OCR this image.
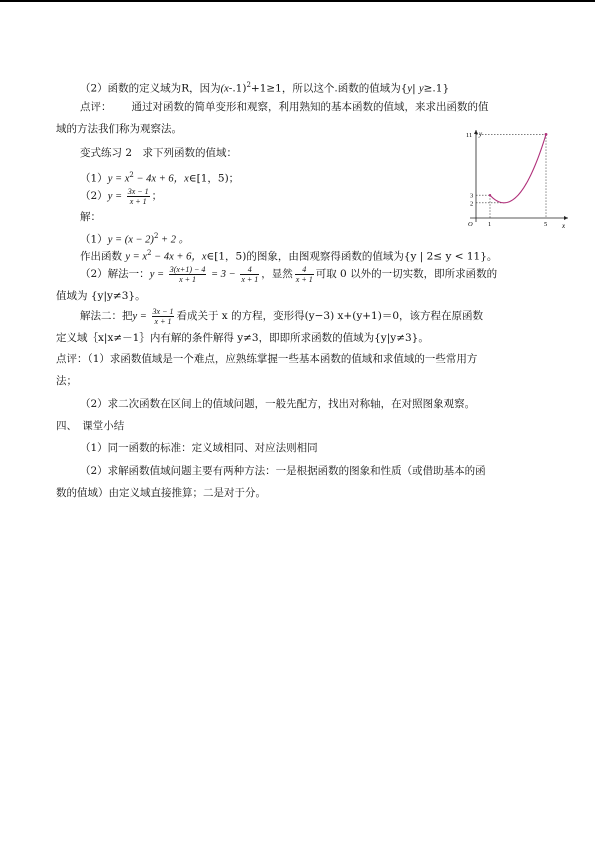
（2）函数的定义域为R，因为$(x-.1)^2+1\ge 1$，所以这个.函数的值域为{y| y≥.1}
点评： 通过对函数的简单变形和观察，利用熟知的基本函数的值域，来求出函数的值
域的方法我们称为观察法。
变式练习 2　求下列函数的值域：
$(1)y = x^2 - 4x + 6$，x∈[1，5)；
$(2)y = \frac{3x - 1}{x + 1}$ ；
解：
$(1)y = (x - 2)^2 + 2$ 。
作出函数 $y = x^2 - 4x + 6$，x∈[1，5)的图象，由图观察得函数的值域为{y | 2≤ y < 11}。
（2）解法一：$y = \frac{3(x+1) - 4}{x + 1} = 3 - \frac{4}{x + 1}$ ，显然 $\frac{4}{x + 1}$ 可取 0 以外的一切实数，即所求函数的
值域为 {y|y≠3}。
解法二：把$y = \frac{3x - 1}{x + 1}$ 看成关于 x 的方程，变形得(y−3) x+(y+1)＝0，该方程在原函数
定义域｛x|x≠－1｝内有解的条件解得 y≠3，即即所求函数的值域为{y|y≠3}。
点评：（1）求函数值域是一个难点，应熟练掌握一些基本函数的值域和求值域的一些常用方
法；
（2）求二次函数在区间上的值域问题，一般先配方，找出对称轴，在对照图象观察。
四、　课堂小结
（1）同一函数的标准：定义域相同、对应法则相同
（2）求解函数值域问题主要有两种方法：一是根据函数的图象和性质（或借助基本的函
数的值域）由定义域直接推算；二是对于分。
x
y
O 1	5
11
3
2
